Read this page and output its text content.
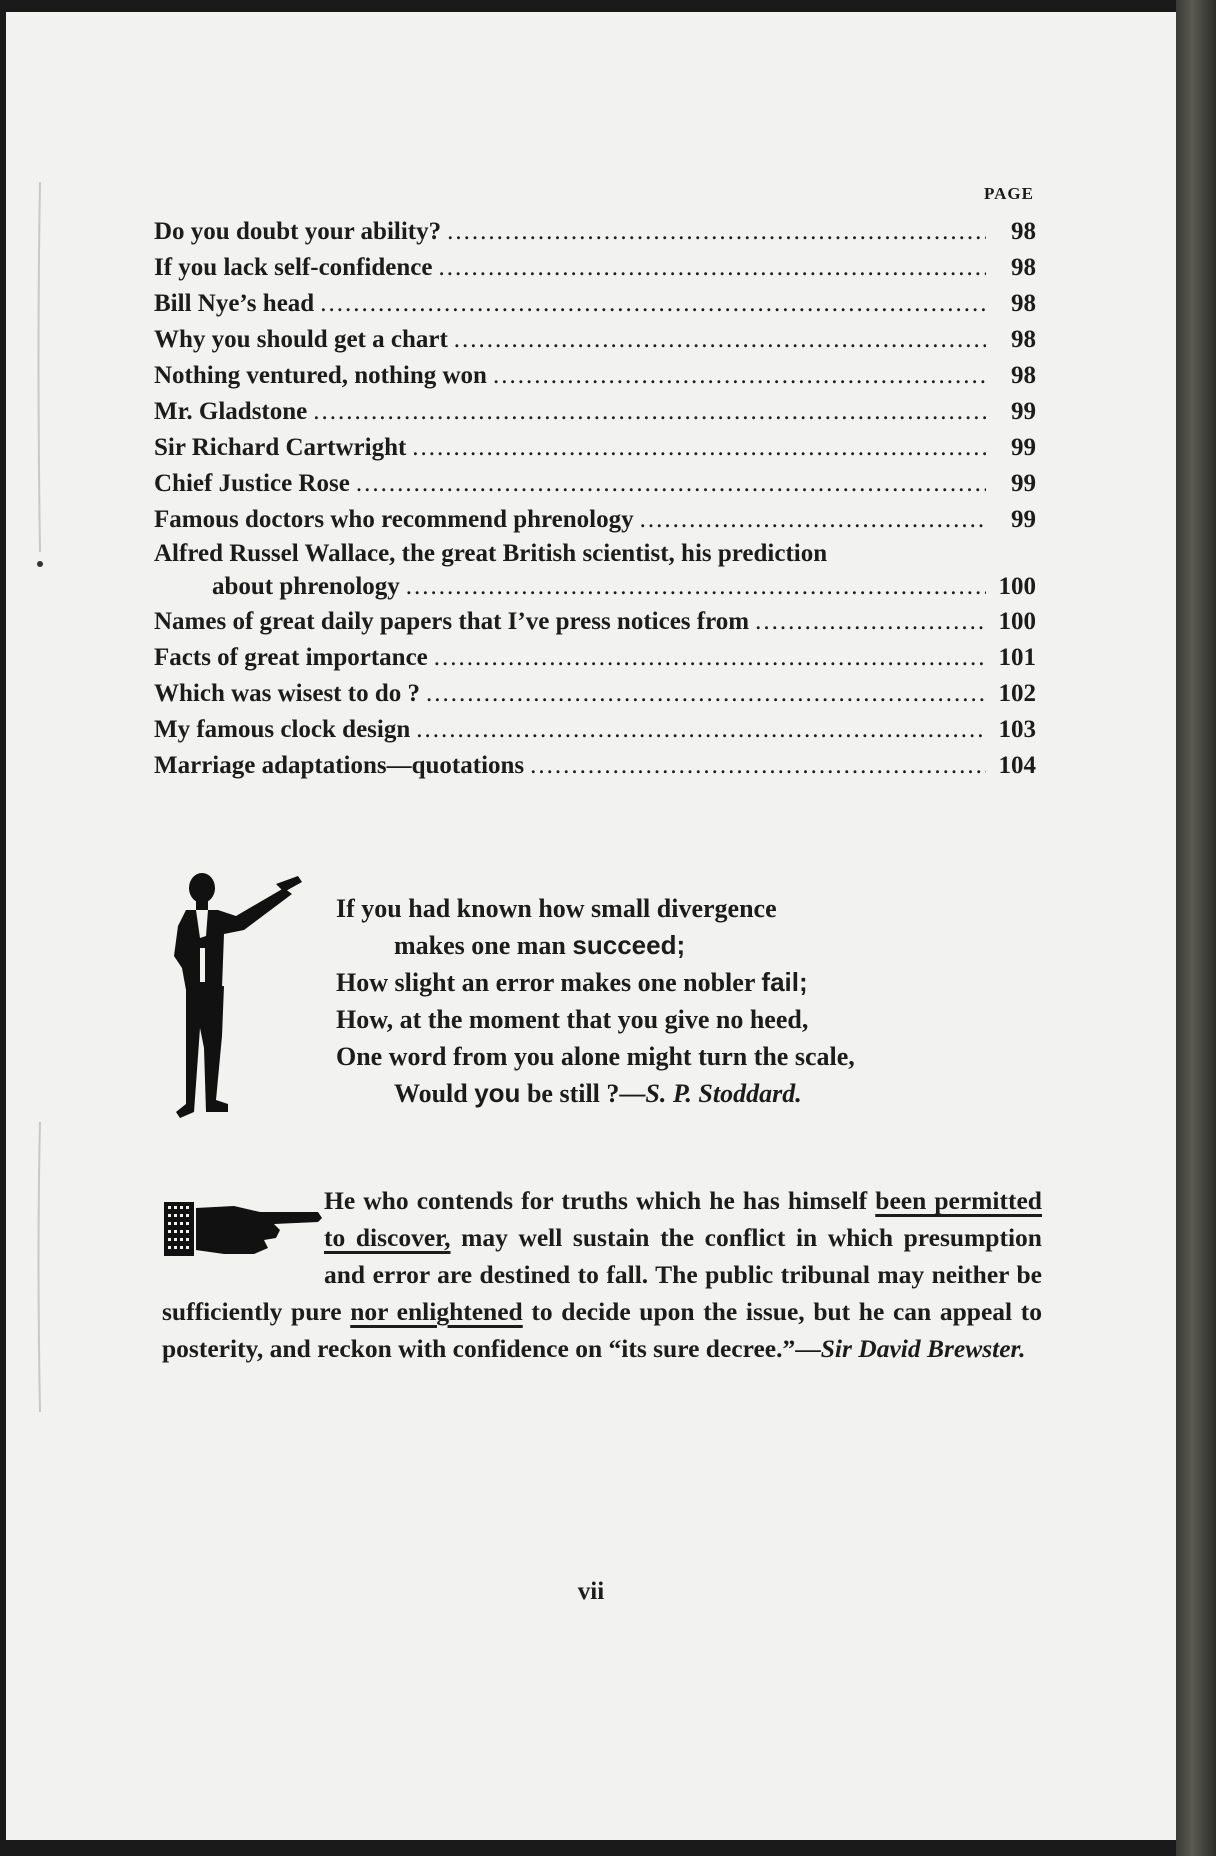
PAGE
Do you doubt your ability? .....	98
If you lack self-confidence .....	98
Bill Nye’s head .....	98
Why you should get a chart .....	98
Nothing ventured, nothing won .....	98
Mr. Gladstone .....	99
Sir Richard Cartwright .....	99
Chief Justice Rose .....	99
Famous doctors who recommend phrenology .....	99
Alfred Russel Wallace, the great British scientist, his prediction
about phrenology .....	100
Names of great daily papers that I’ve press notices from .....	100
Facts of great importance .....	101
Which was wisest to do ? .....	102
My famous clock design .....	103
Marriage adaptations—quotations .....	104
If you had known how small divergence
makes one man succeed;
How slight an error makes one nobler fail;
How, at the moment that you give no heed,
One word from you alone might turn the scale,
Would you be still ?—S. P. Stoddard.
He who contends for truths which he has himself been permitted to discover, may well sustain the conflict in which presumption and error are destined to fall. The public tribunal may neither be sufficiently pure nor enlightened to decide upon the issue, but he can appeal to posterity, and reckon with confidence on “its sure decree.”—Sir David Brewster.
vii
